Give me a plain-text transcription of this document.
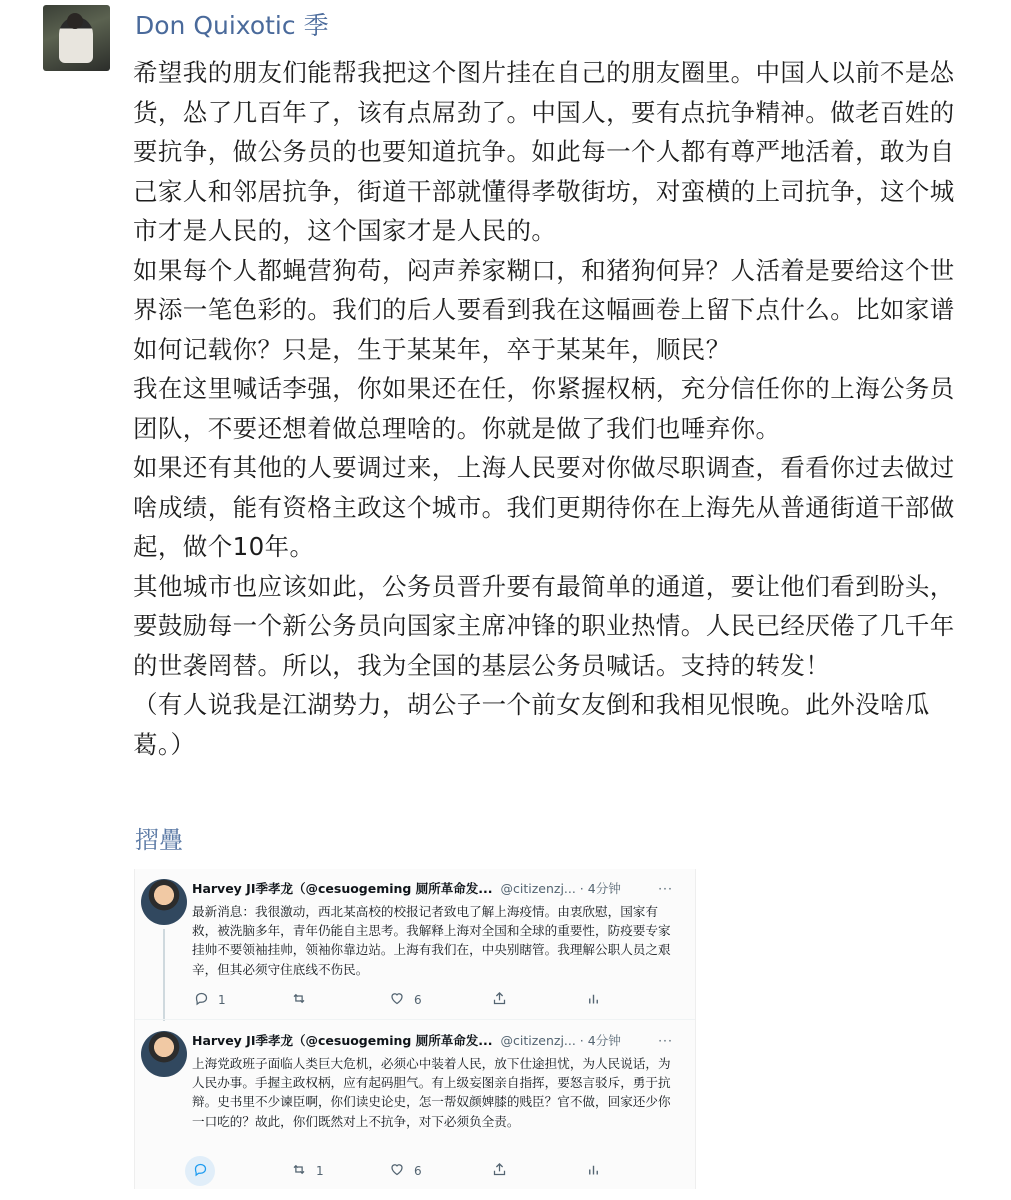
Don Quixotic 季

希望我的朋友们能帮我把这个图片挂在自己的朋友圈里。中国人以前不是怂货，怂了几百年了，该有点屌劲了。中国人，要有点抗争精神。做老百姓的要抗争，做公务员的也要知道抗争。如此每一个人都有尊严地活着，敢为自己家人和邻居抗争，街道干部就懂得孝敬街坊，对蛮横的上司抗争，这个城市才是人民的，这个国家才是人民的。

如果每个人都蝇营狗苟，闷声养家糊口，和猪狗何异？人活着是要给这个世界添一笔色彩的。我们的后人要看到我在这幅画卷上留下点什么。比如家谱如何记载你？只是，生于某某年，卒于某某年，顺民？

我在这里喊话李强，你如果还在任，你紧握权柄，充分信任你的上海公务员团队，不要还想着做总理啥的。你就是做了我们也唾弃你。

如果还有其他的人要调过来，上海人民要对你做尽职调查，看看你过去做过啥成绩，能有资格主政这个城市。我们更期待你在上海先从普通街道干部做起，做个10年。

其他城市也应该如此，公务员晋升要有最简单的通道，要让他们看到盼头，要鼓励每一个新公务员向国家主席冲锋的职业热情。人民已经厌倦了几千年的世袭罔替。所以，我为全国的基层公务员喊话。支持的转发！

（有人说我是江湖势力，胡公子一个前女友倒和我相见恨晚。此外没啥瓜葛。）

摺疊
Harvey JI季孝龙（@cesuogeming 厕所革命发... @citizenzj... · 4分钟	···
最新消息：我很激动，西北某高校的校报记者致电了解上海疫情。由衷欣慰，国家有救，被洗脑多年，青年仍能自主思考。我解释上海对全国和全球的重要性，防疫要专家挂帅不要领袖挂帅，领袖你靠边站。上海有我们在，中央别瞎管。我理解公职人员之艰辛，但其必须守住底线不伤民。
1	6
Harvey JI季孝龙（@cesuogeming 厕所革命发... @citizenzj... · 4分钟	···
上海党政班子面临人类巨大危机，必须心中装着人民，放下仕途担忧，为人民说话，为人民办事。手握主政权柄，应有起码胆气。有上级妄图亲自指挥，要怒言驳斥，勇于抗辩。史书里不少谏臣啊，你们读史论史，怎一帮奴颜婢膝的贱臣？官不做，回家还少你一口吃的？故此，你们既然对上不抗争，对下必须负全责。
1	6
